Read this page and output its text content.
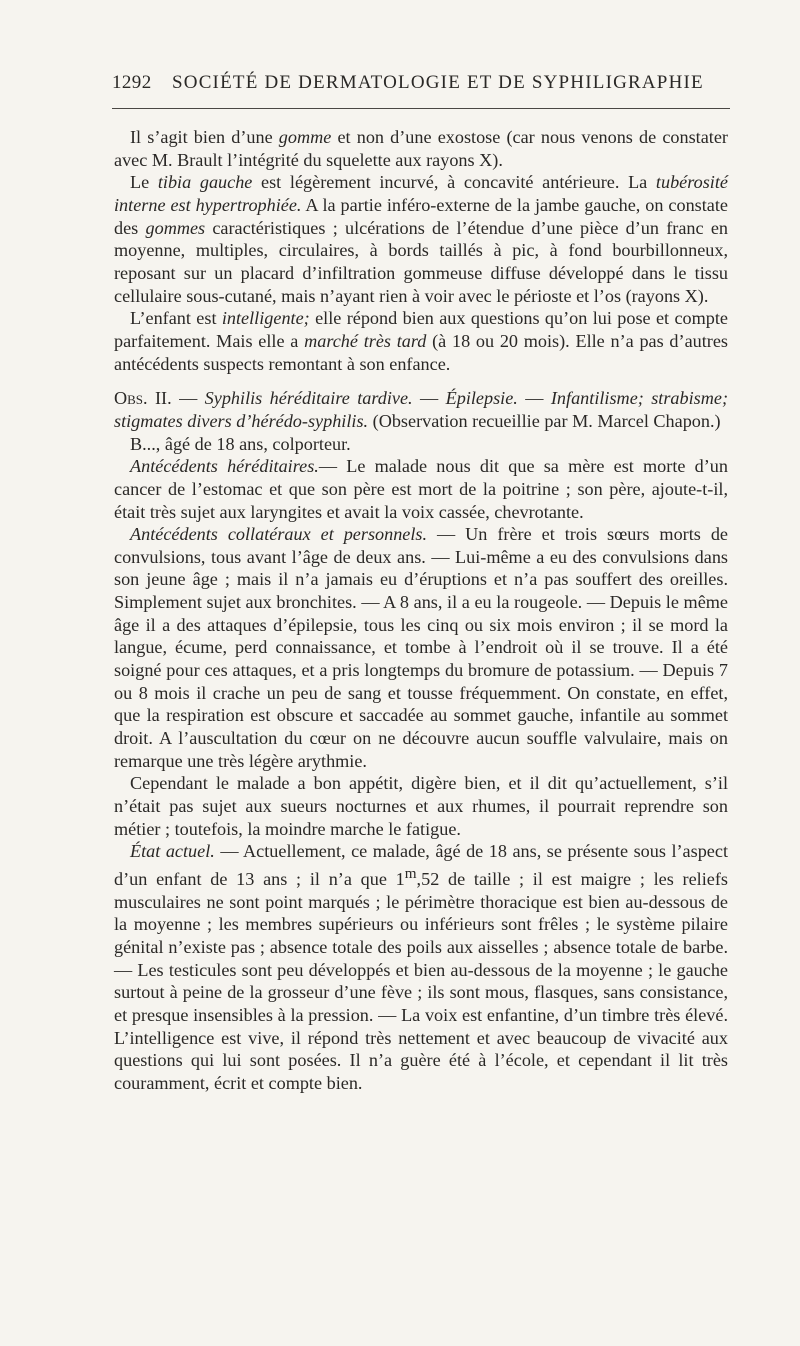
1292 SOCIÉTÉ DE DERMATOLOGIE ET DE SYPHILIGRAPHIE

Il s’agit bien d’une gomme et non d’une exostose (car nous venons de constater avec M. Brault l’intégrité du squelette aux rayons X).

Le tibia gauche est légèrement incurvé, à concavité antérieure. La tubérosité interne est hypertrophiée. A la partie inféro-externe de la jambe gauche, on constate des gommes caractéristiques ; ulcérations de l’étendue d’une pièce d’un franc en moyenne, multiples, circulaires, à bords taillés à pic, à fond bourbillonneux, reposant sur un placard d’infiltration gommeuse diffuse développé dans le tissu cellulaire sous-cutané, mais n’ayant rien à voir avec le périoste et l’os (rayons X).

L’enfant est intelligente; elle répond bien aux questions qu’on lui pose et compte parfaitement. Mais elle a marché très tard (à 18 ou 20 mois). Elle n’a pas d’autres antécédents suspects remontant à son enfance.

Obs. II. — Syphilis héréditaire tardive. — Épilepsie. — Infantilisme; strabisme; stigmates divers d’hérédo-syphilis. (Observation recueillie par M. Marcel Chapon.)

B..., âgé de 18 ans, colporteur.

Antécédents héréditaires.— Le malade nous dit que sa mère est morte d’un cancer de l’estomac et que son père est mort de la poitrine ; son père, ajoute-t-il, était très sujet aux laryngites et avait la voix cassée, chevrotante.

Antécédents collatéraux et personnels. — Un frère et trois sœurs morts de convulsions, tous avant l’âge de deux ans. — Lui-même a eu des convulsions dans son jeune âge ; mais il n’a jamais eu d’éruptions et n’a pas souffert des oreilles. Simplement sujet aux bronchites. — A 8 ans, il a eu la rougeole. — Depuis le même âge il a des attaques d’épilepsie, tous les cinq ou six mois environ ; il se mord la langue, écume, perd connaissance, et tombe à l’endroit où il se trouve. Il a été soigné pour ces attaques, et a pris longtemps du bromure de potassium. — Depuis 7 ou 8 mois il crache un peu de sang et tousse fréquemment. On constate, en effet, que la respiration est obscure et saccadée au sommet gauche, infantile au sommet droit. A l’auscultation du cœur on ne découvre aucun souffle valvulaire, mais on remarque une très légère arythmie.

Cependant le malade a bon appétit, digère bien, et il dit qu’actuellement, s’il n’était pas sujet aux sueurs nocturnes et aux rhumes, il pourrait reprendre son métier ; toutefois, la moindre marche le fatigue.

État actuel. — Actuellement, ce malade, âgé de 18 ans, se présente sous l’aspect d’un enfant de 13 ans ; il n’a que 1$^m$,52 de taille ; il est maigre ; les reliefs musculaires ne sont point marqués ; le périmètre thoracique est bien au-dessous de la moyenne ; les membres supérieurs ou inférieurs sont frêles ; le système pilaire génital n’existe pas ; absence totale des poils aux aisselles ; absence totale de barbe. — Les testicules sont peu développés et bien au-dessous de la moyenne ; le gauche surtout à peine de la grosseur d’une fève ; ils sont mous, flasques, sans consistance, et presque insensibles à la pression. — La voix est enfantine, d’un timbre très élevé. L’intelligence est vive, il répond très nettement et avec beaucoup de vivacité aux questions qui lui sont posées. Il n’a guère été à l’école, et cependant il lit très couramment, écrit et compte bien.
